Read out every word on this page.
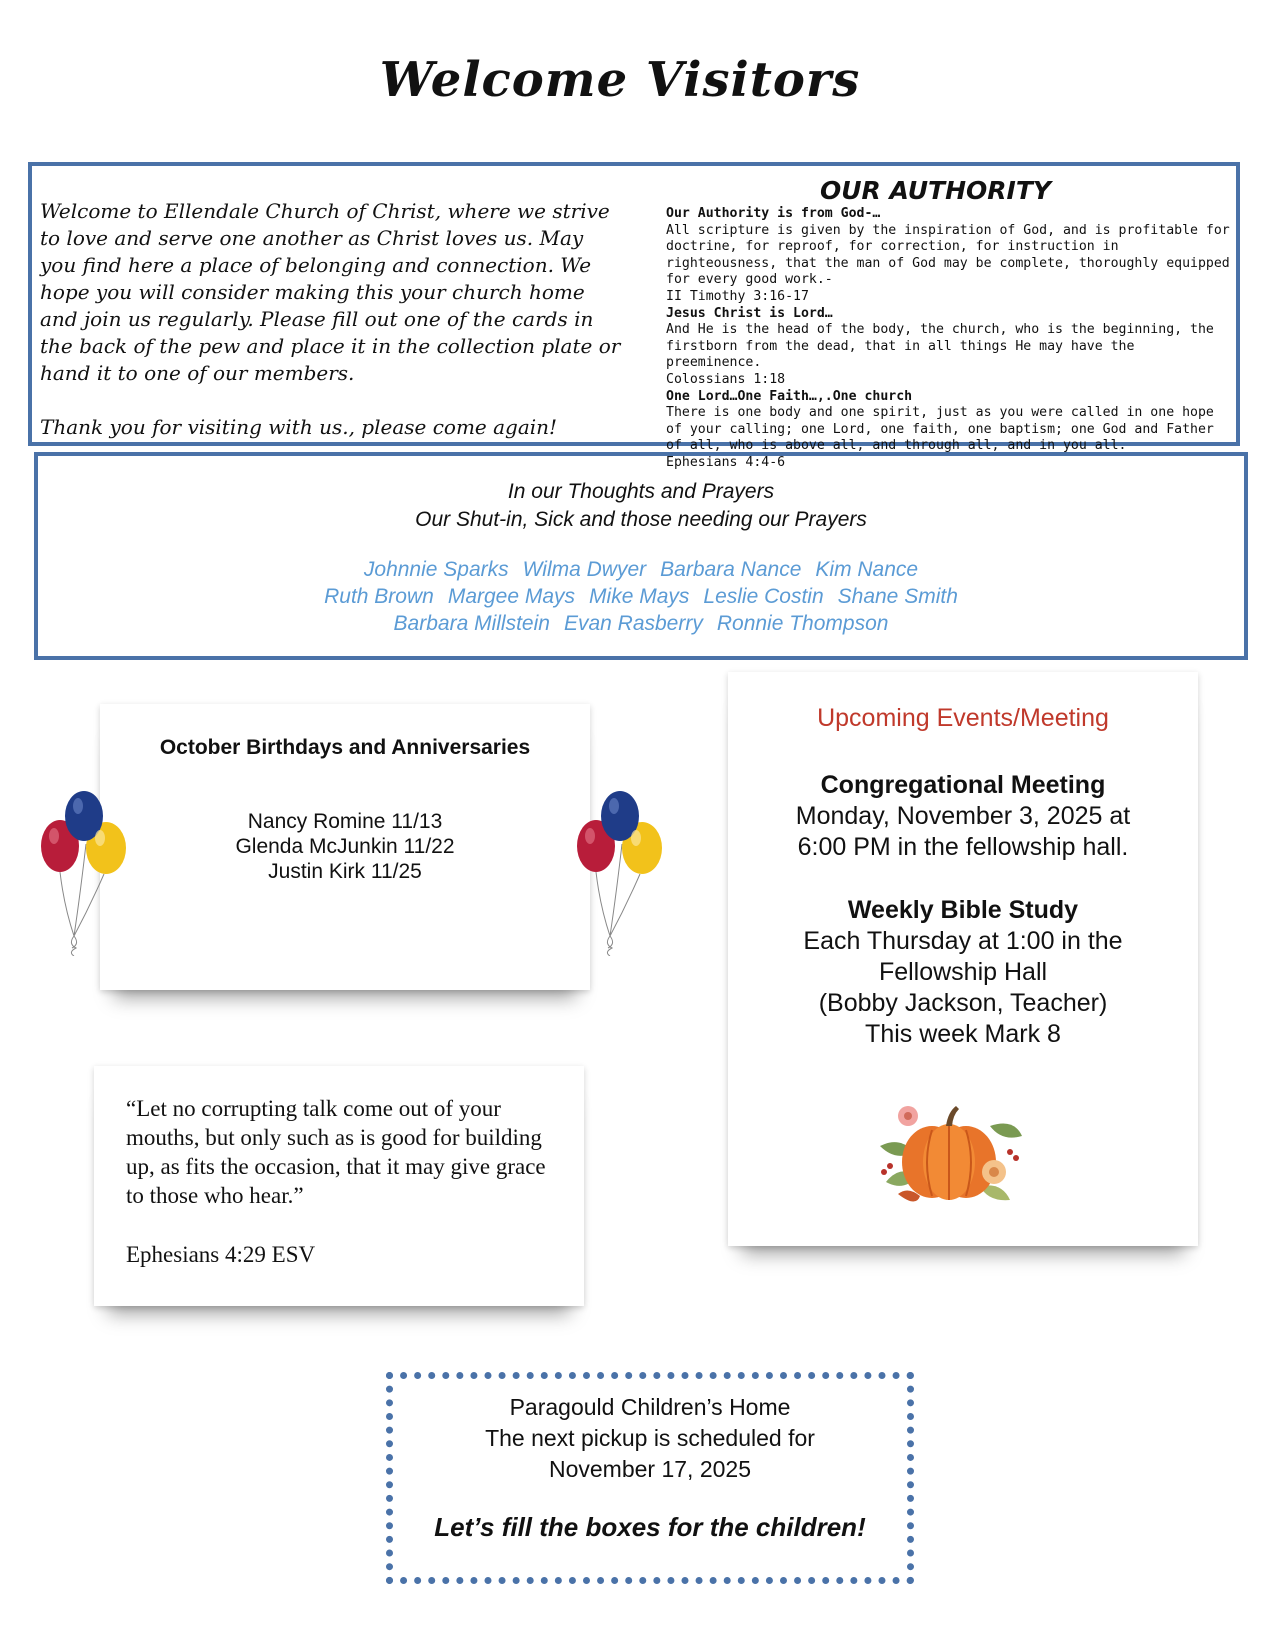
Welcome Visitors

Welcome to Ellendale Church of Christ, where we strive to love and serve one another as Christ loves us. May you find here a place of belonging and connection. We hope you will consider making this your church home and join us regularly. Please fill out one of the cards in the back of the pew and place it in the collection plate or hand it to one of our members.

Thank you for visiting with us., please come again!

OUR AUTHORITY
Our Authority is from God-…
All scripture is given by the inspiration of God, and is profitable for doctrine, for reproof, for correction, for instruction in righteousness, that the man of God may be complete, thoroughly equipped for every good work.-
II Timothy 3:16-17
Jesus Christ is Lord…
And He is the head of the body, the church, who is the beginning, the firstborn from the dead, that in all things He may have the preeminence.
Colossians 1:18
One Lord…One Faith…,.One church
There is one body and one spirit, just as you were called in one hope of your calling; one Lord, one faith, one baptism; one God and Father of all, who is above all, and through all, and in you all.
Ephesians 4:4-6
In our Thoughts and Prayers
Our Shut-in, Sick and those needing our Prayers
Johnnie Sparks Wilma Dwyer Barbara Nance Kim Nance
Ruth Brown Margee Mays Mike Mays Leslie Costin Shane Smith
Barbara Millstein Evan Rasberry Ronnie Thompson
October Birthdays and Anniversaries
Nancy Romine 11/13
Glenda McJunkin 11/22
Justin Kirk 11/25
“Let no corrupting talk come out of your mouths, but only such as is good for building up, as fits the occasion, that it may give grace to those who hear.”
Ephesians 4:29 ESV
Upcoming Events/Meeting
Congregational Meeting
Monday, November 3, 2025 at
6:00 PM in the fellowship hall.
Weekly Bible Study
Each Thursday at 1:00 in the
Fellowship Hall
(Bobby Jackson, Teacher)
This week Mark 8
Paragould Children’s Home
The next pickup is scheduled for
November 17, 2025
Let’s fill the boxes for the children!
